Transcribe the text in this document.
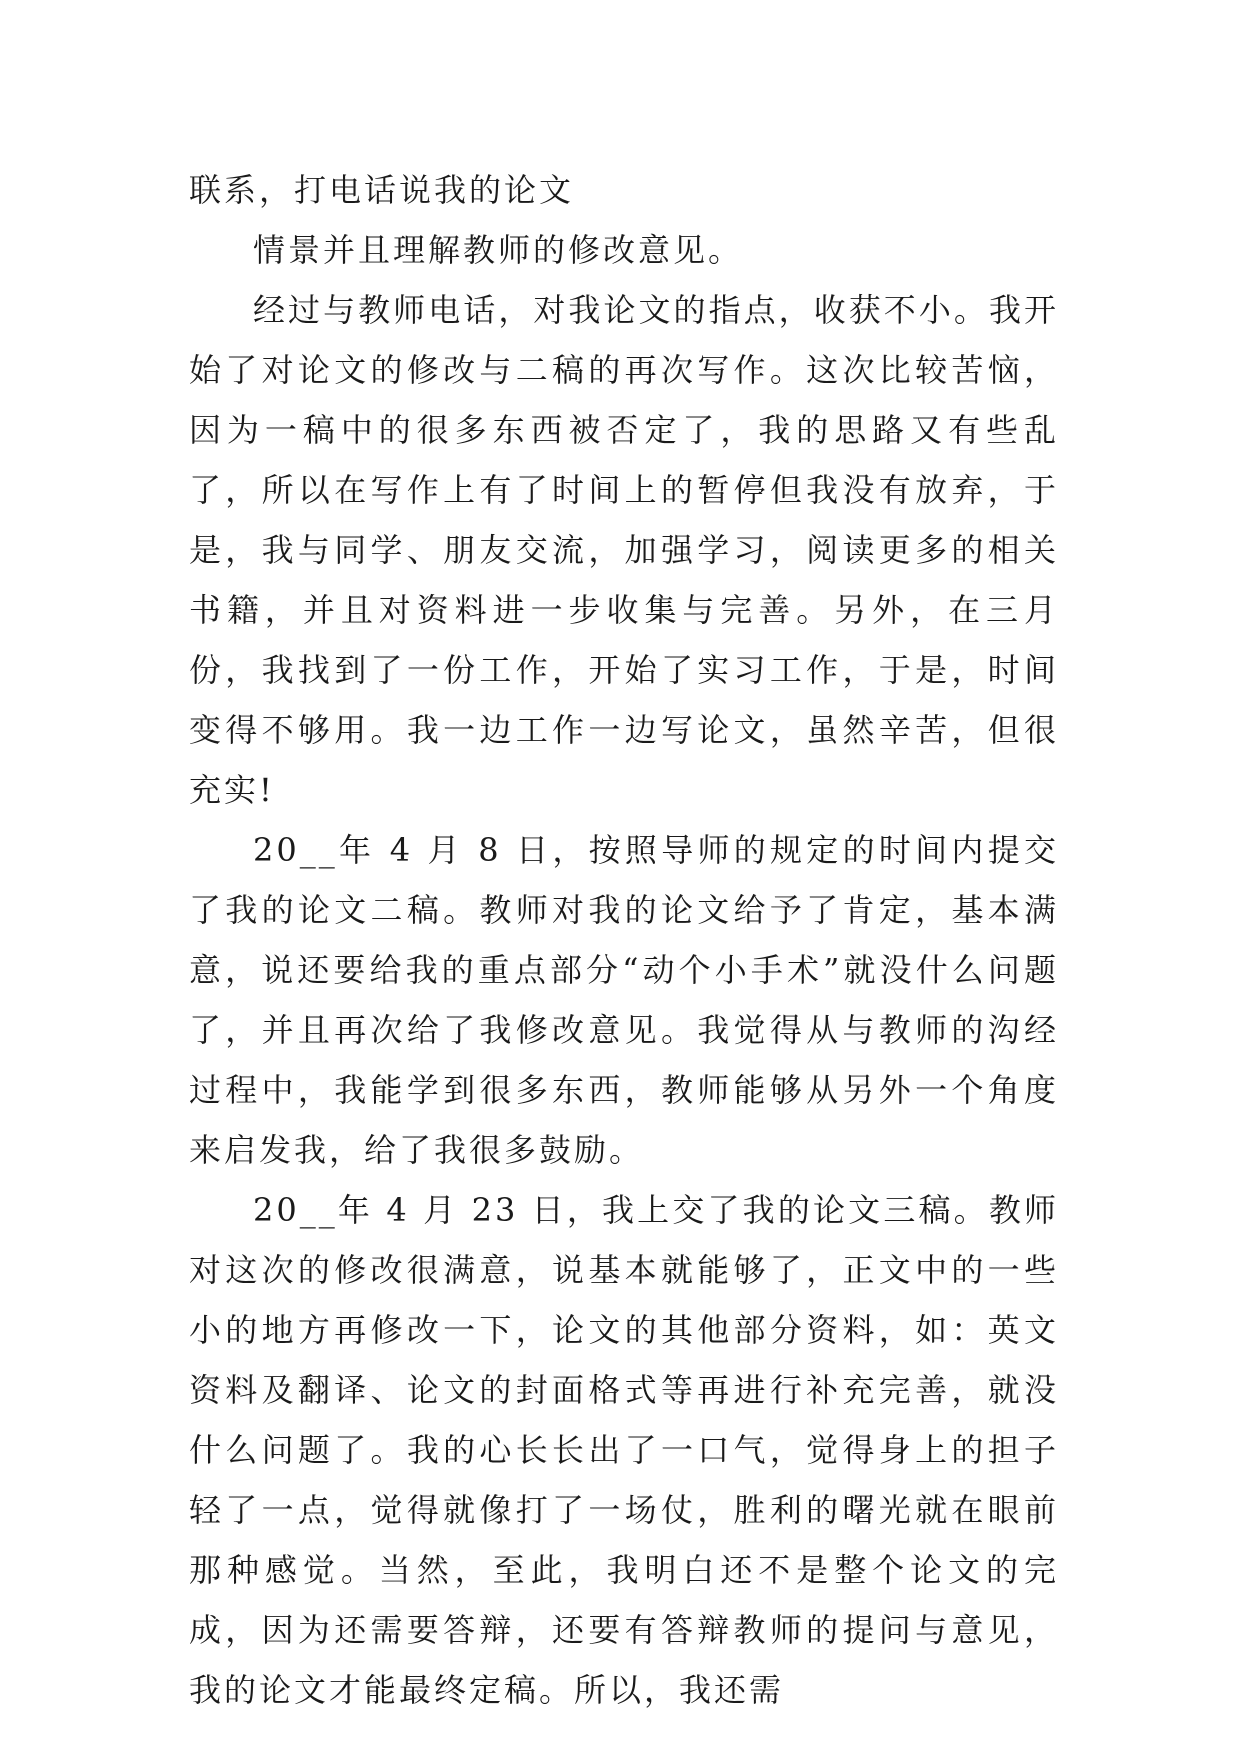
联系，打电话说我的论文

情景并且理解教师的修改意见。

经过与教师电话，对我论文的指点，收获不小。我开始了对论文的修改与二稿的再次写作。这次比较苦恼，因为一稿中的很多东西被否定了，我的思路又有些乱了，所以在写作上有了时间上的暂停但我没有放弃，于是，我与同学、朋友交流，加强学习，阅读更多的相关书籍，并且对资料进一步收集与完善。另外，在三月份，我找到了一份工作，开始了实习工作，于是，时间变得不够用。我一边工作一边写论文，虽然辛苦，但很充实!

20__年 4 月 8 日，按照导师的规定的时间内提交了我的论文二稿。教师对我的论文给予了肯定，基本满意，说还要给我的重点部分“动个小手术”就没什么问题了，并且再次给了我修改意见。我觉得从与教师的沟经过程中，我能学到很多东西，教师能够从另外一个角度来启发我，给了我很多鼓励。

20__年 4 月 23 日，我上交了我的论文三稿。教师对这次的修改很满意，说基本就能够了，正文中的一些小的地方再修改一下，论文的其他部分资料，如：英文资料及翻译、论文的封面格式等再进行补充完善，就没什么问题了。我的心长长出了一口气，觉得身上的担子轻了一点，觉得就像打了一场仗，胜利的曙光就在眼前那种感觉。当然，至此，我明白还不是整个论文的完成，因为还需要答辩，还要有答辩教师的提问与意见，我的论文才能最终定稿。所以，我还需
